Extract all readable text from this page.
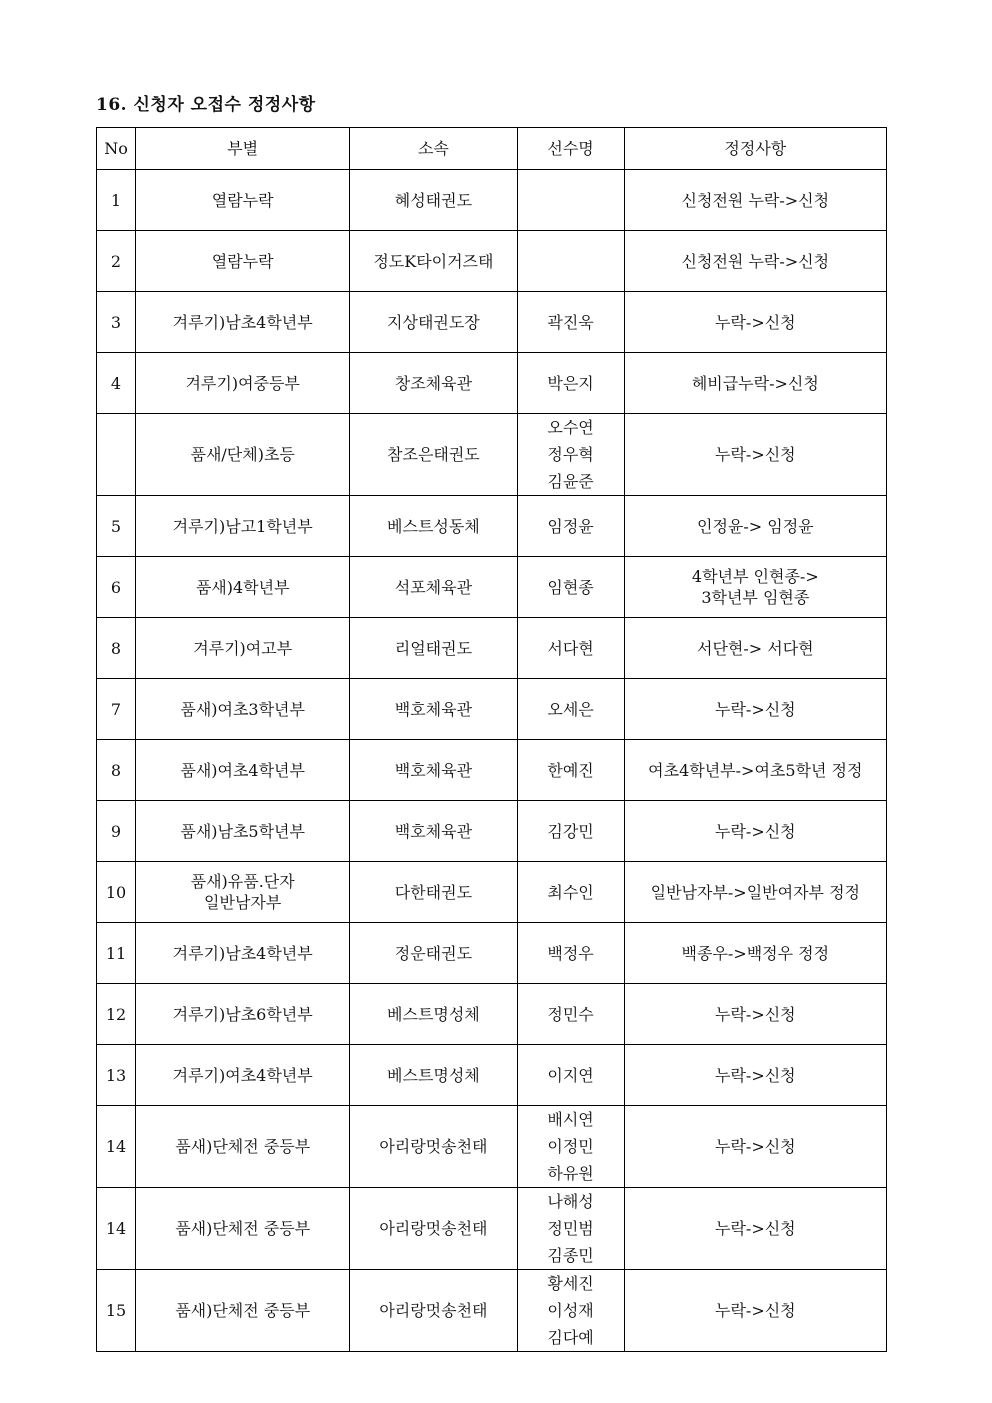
16. 신청자 오접수 정정사항
No	부별	소속	선수명	정정사항
1	열람누락	혜성태권도		신청전원 누락->신청

2	열람누락	정도K타이거즈태		신청전원 누락->신청

3	겨루기)남초4학년부	지상태권도장	곽진욱	누락->신청

4	겨루기)여중등부	창조체육관	박은지	헤비급누락->신청

	품새/단체)초등	참조은태권도	오수연
정우혁
김윤준	누락->신청

5	겨루기)남고1학년부	베스트성동체	임정윤	인정윤-> 임정윤

6	품새)4학년부	석포체육관	임현종	4학년부 인현종->
3학년부 임현종

8	겨루기)여고부	리얼태권도	서다현	서단현-> 서다현

7	품새)여초3학년부	백호체육관	오세은	누락->신청

8	품새)여초4학년부	백호체육관	한예진	여초4학년부->여초5학년 정정

9	품새)남초5학년부	백호체육관	김강민	누락->신청

10	품새)유품.단자
일반남자부	다한태권도	최수인	일반남자부->일반여자부 정정

11	겨루기)남초4학년부	정운태권도	백정우	백종우->백정우 정정

12	겨루기)남초6학년부	베스트명성체	정민수	누락->신청

13	겨루기)여초4학년부	베스트명성체	이지연	누락->신청

14	품새)단체전 중등부	아리랑멋송천태	배시연
이정민
하유원	누락->신청

14	품새)단체전 중등부	아리랑멋송천태	나해성
정민범
김종민	누락->신청

15	품새)단체전 중등부	아리랑멋송천태	황세진
이성재
김다예	누락->신청
